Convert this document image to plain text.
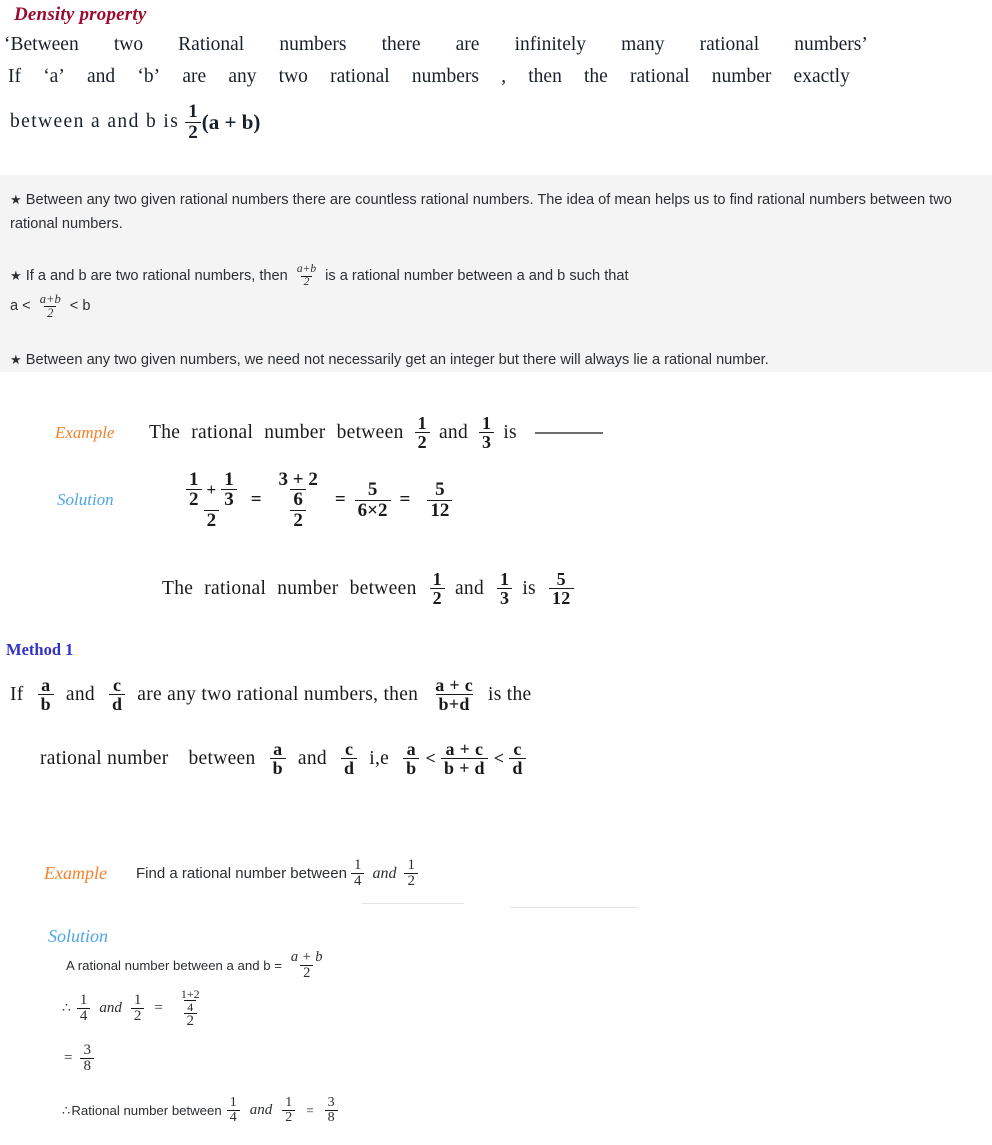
Density property
‘Between two Rational numbers there are infinitely many rational numbers’
If ‘a’ and ‘b’ are any two rational numbers , then the rational number exactly
between a and b is $\frac{1}{2} (a + b)$
★ Between any two given rational numbers there are countless rational numbers. The idea of mean helps us to find rational numbers between two rational numbers.
★ If a and b are two rational numbers, then $\frac{a+b}{2}$ is a rational number between a and b such that
$a < \frac{a+b}{2} < b$
★ Between any two given numbers, we need not necessarily get an integer but there will always lie a rational number.
Example	The rational number between $\frac{1}{2}$ and $\frac{1}{3}$ is
Solution	$\frac{1}{2} + \frac{1}{3}$
2
= $\frac{\frac{3 + 2}{6}}{2} = \frac{5}{6\times 2} = \frac{5}{12}$
The rational number between $\frac{1}{2}$ and $\frac{1}{3}$ is $\frac{5}{12}$
Method 1
If $\frac{a}{b}$ and $\frac{c}{d}$ are any two rational numbers, then $\frac{a + c}{b+d}$ is the
rational number between $\frac{a}{b}$ and $\frac{c}{d} i,e \frac{a}{b} < \frac{a + c}{b + d} < \frac{c}{d}$
Example	Find a rational number between $\frac{1}{4}$ and $\frac{1}{2}$
Solution
A rational number between a and $b = \frac{a + b}{2}$
∴ $\frac{1}{4}$ and $\frac{1}{2} = \frac{\frac{1+2}{4}}{2}$
= $\frac{3}{8}$
∴ Rational number between $\frac{1}{4}$ and $\frac{1}{2} = \frac{3}{8}$
